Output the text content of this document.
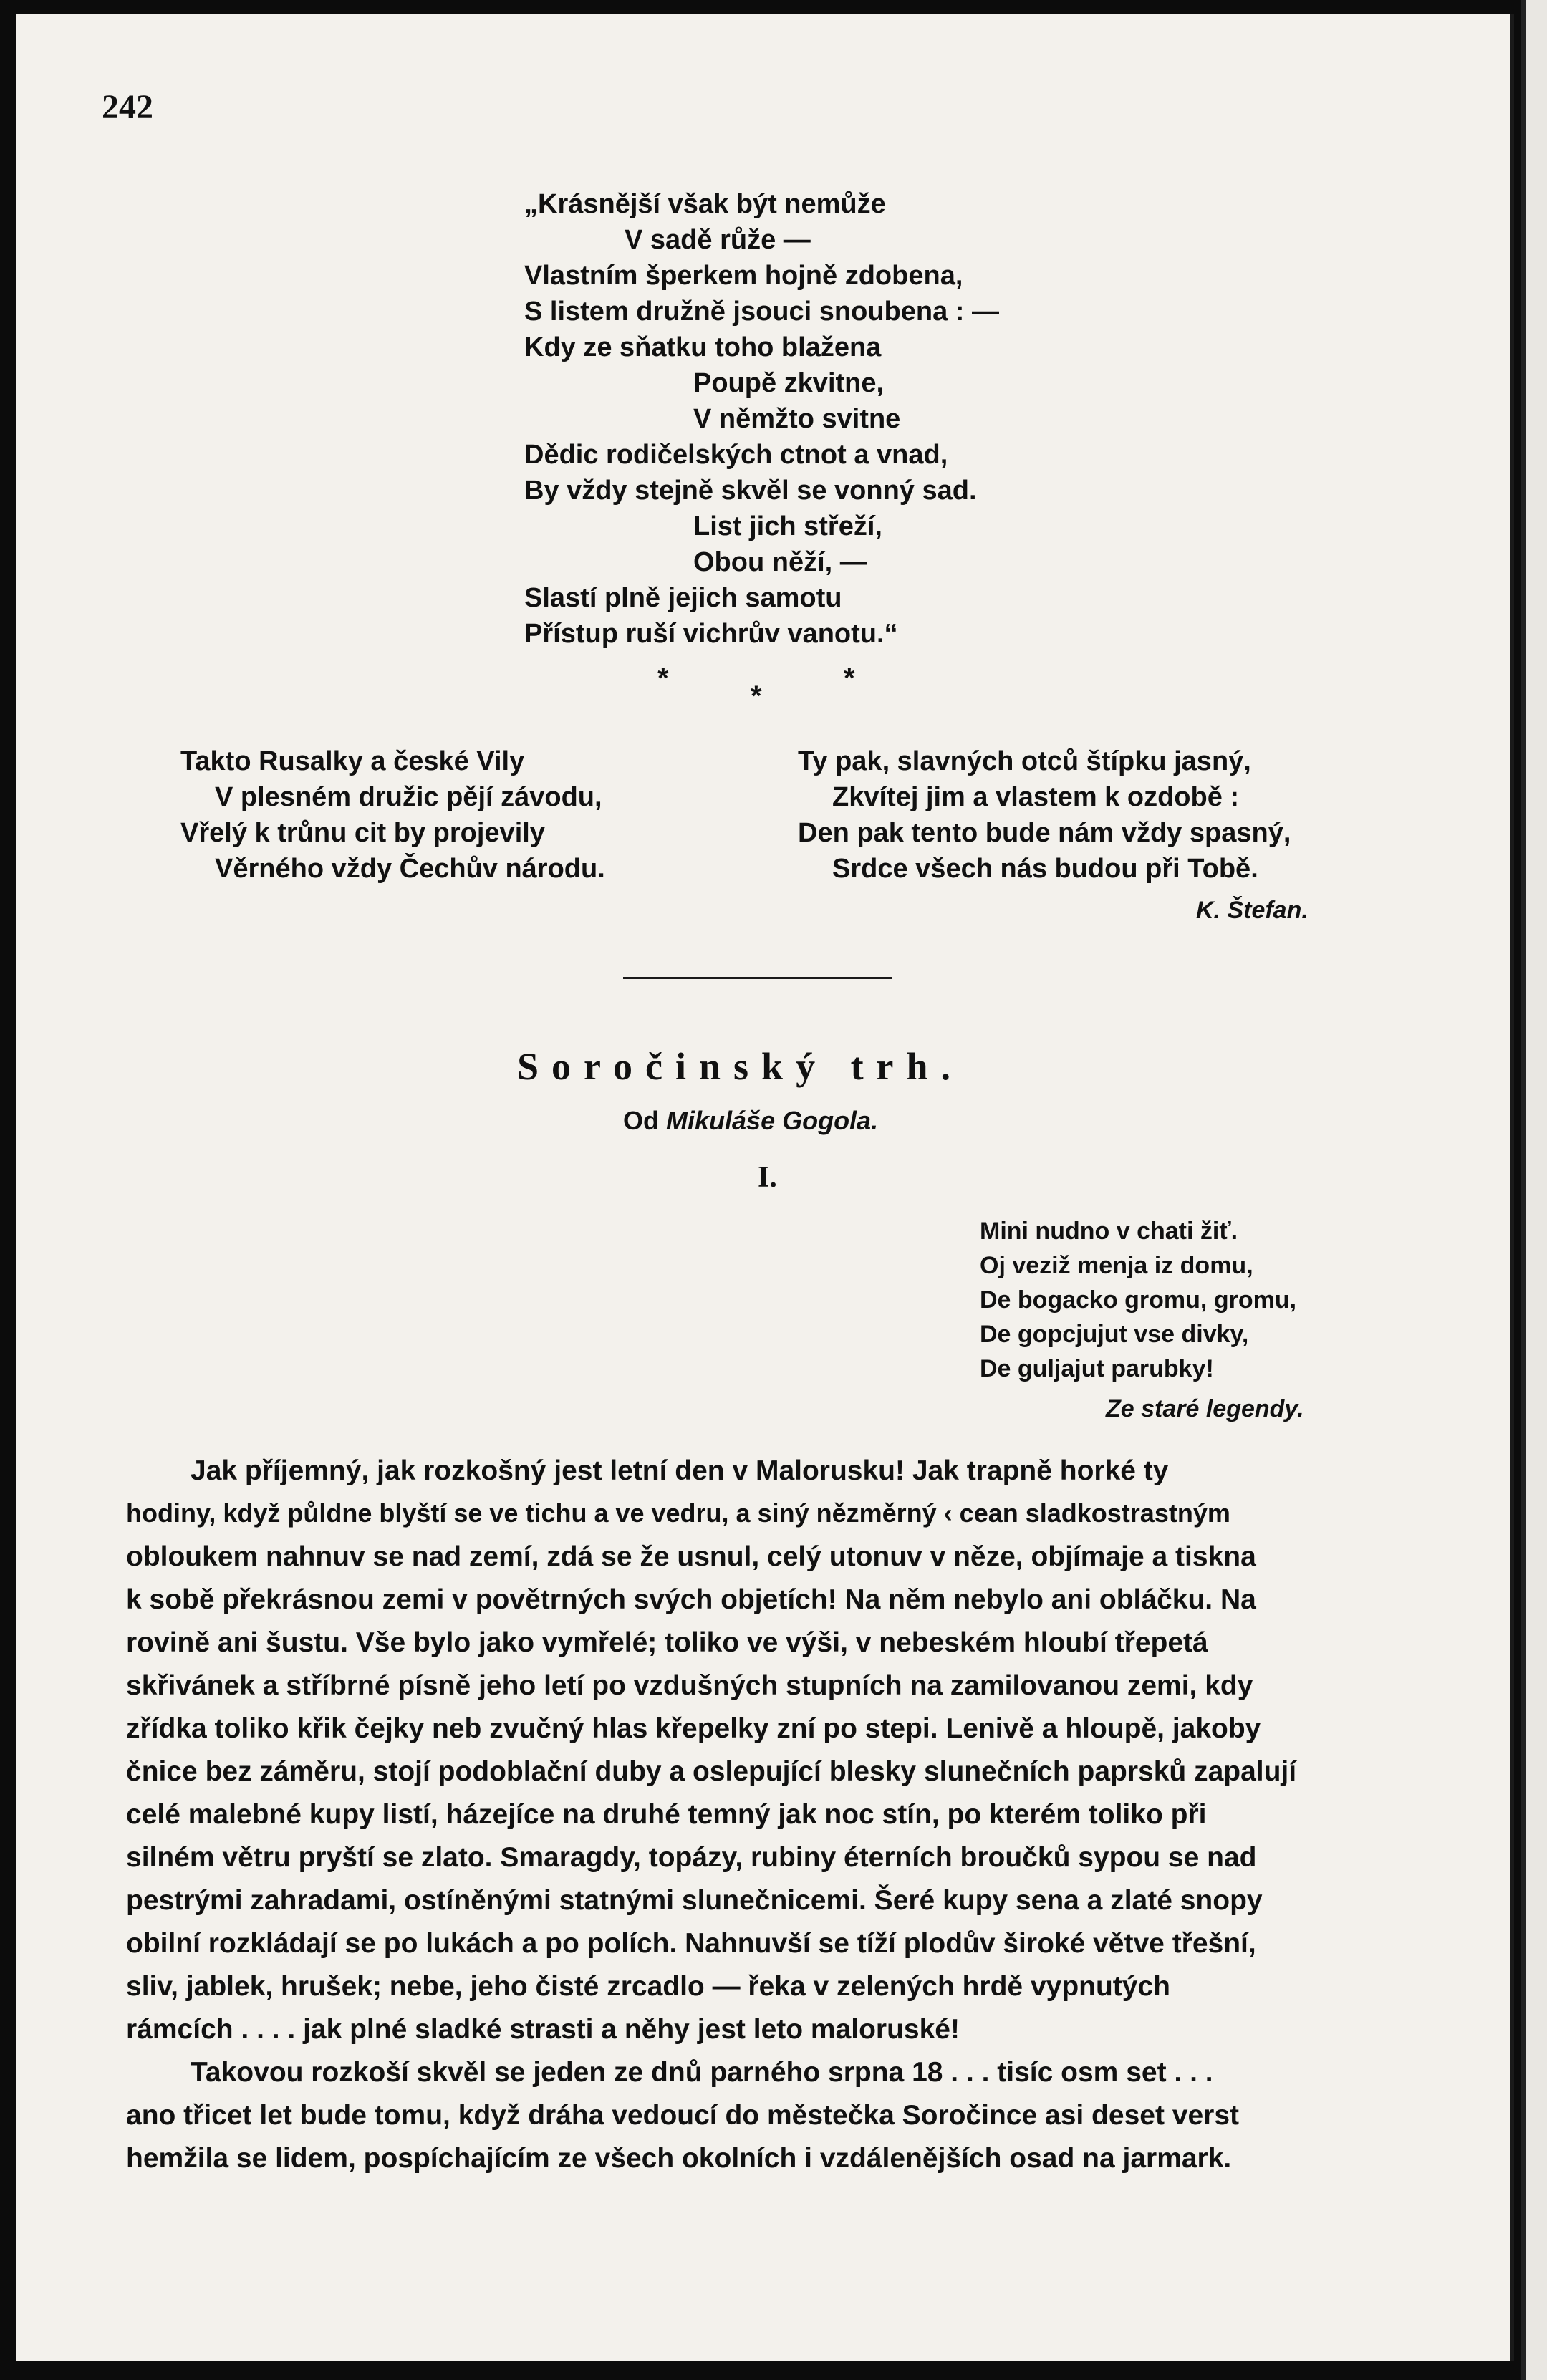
242
„Krásnější však být nemůže
V sadě růže —
Vlastním šperkem hojně zdobena,
S listem družně jsouci snoubena : —
Kdy ze sňatku toho blažena
Poupě zkvitne,
V němžto svitne
Dědic rodičelských ctnot a vnad,
By vždy stejně skvěl se vonný sad.
List jich střeží,
Obou něží, —
Slastí plně jejich samotu
Přístup ruší vichrův vanotu.“
*
*
*
Takto Rusalky a české Vily
V plesném družic pějí závodu,
Vřelý k trůnu cit by projevily
Věrného vždy Čechův národu.
Ty pak, slavných otců štípku jasný,
Zkvítej jim a vlastem k ozdobě :
Den pak tento bude nám vždy spasný,
Srdce všech nás budou při Tobě.
K. Štefan.
Soročinský trh.
Od Mikuláše Gogola.
I.
Mini nudno v chati žiť.
Oj veziž menja iz domu,
De bogacko gromu, gromu,
De gopcjujut vse divky,
De guljajut parubky!
Ze staré legendy.
Jak příjemný, jak rozkošný jest letní den v Malorusku! Jak trapně horké ty
hodiny, když půldne blyští se ve tichu a ve vedru, a siný nězměrný ‹ cean sladkostrastným
obloukem nahnuv se nad zemí, zdá se že usnul, celý utonuv v něze, objímaje a tiskna
k sobě překrásnou zemi v povětrných svých objetích! Na něm nebylo ani obláčku. Na
rovině ani šustu. Vše bylo jako vymřelé; toliko ve výši, v nebeském hloubí třepetá
skřivánek a stříbrné písně jeho letí po vzdušných stupních na zamilovanou zemi, kdy
zřídka toliko křik čejky neb zvučný hlas křepelky zní po stepi. Lenivě a hloupě, jakoby
čnice bez záměru, stojí podoblační duby a oslepující blesky slunečních paprsků zapalují
celé malebné kupy listí, házejíce na druhé temný jak noc stín, po kterém toliko při
silném větru pryští se zlato. Smaragdy, topázy, rubiny éterních broučků sypou se nad
pestrými zahradami, ostíněnými statnými slunečnicemi. Šeré kupy sena a zlaté snopy
obilní rozkládají se po lukách a po polích. Nahnuvší se tíží plodův široké větve třešní,
sliv, jablek, hrušek; nebe, jeho čisté zrcadlo — řeka v zelených hrdě vypnutých
rámcích . . . . jak plné sladké strasti a něhy jest leto maloruské!
Takovou rozkoší skvěl se jeden ze dnů parného srpna 18 . . . tisíc osm set . . .
ano třicet let bude tomu, když dráha vedoucí do městečka Soročince asi deset verst
hemžila se lidem, pospíchajícím ze všech okolních i vzdálenějších osad na jarmark.
